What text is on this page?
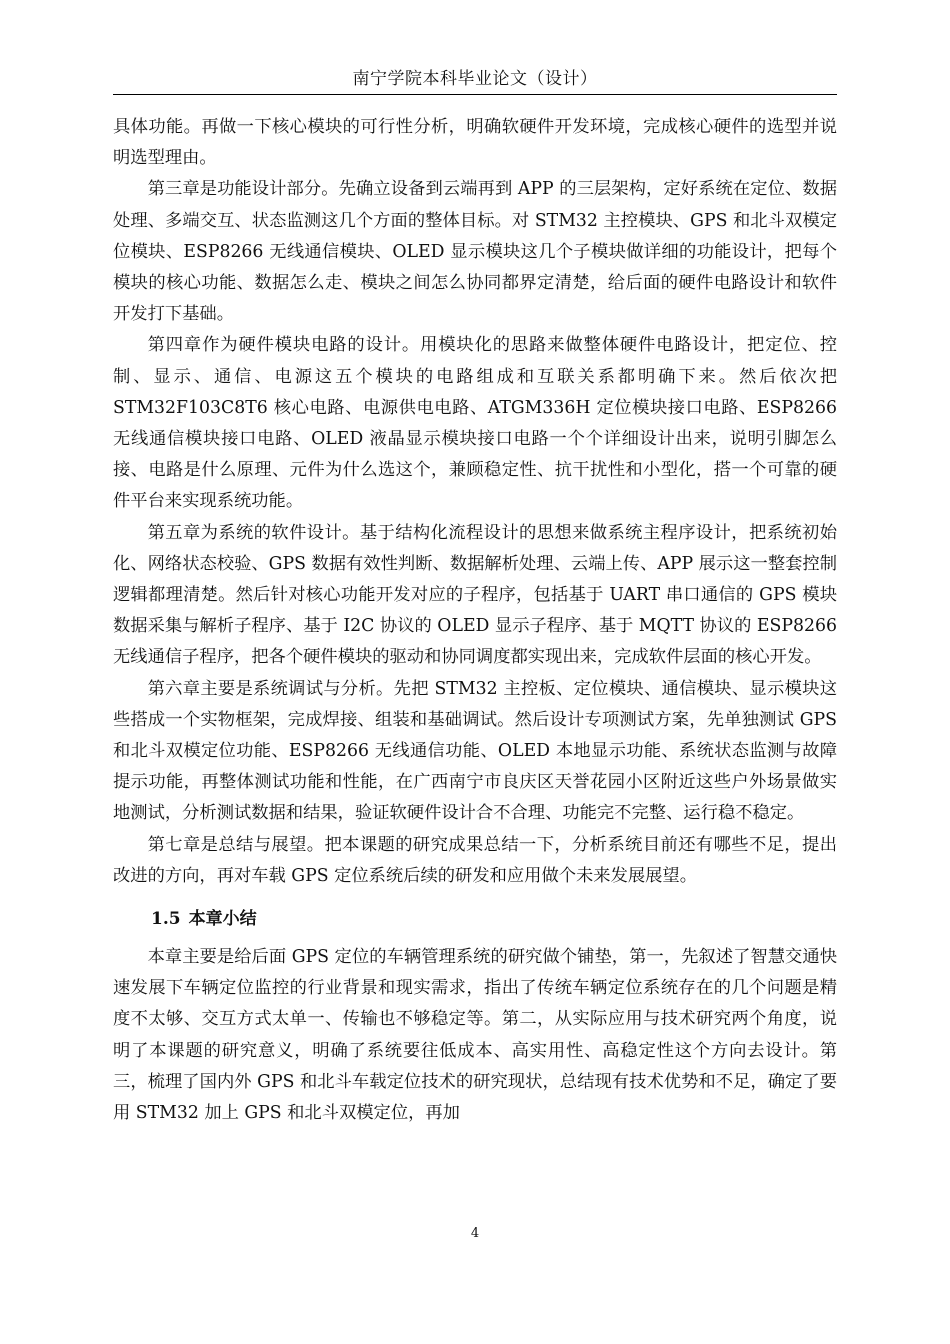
南宁学院本科毕业论文（设计）

具体功能。再做一下核心模块的可行性分析，明确软硬件开发环境，完成核心硬件的选型并说明选型理由。

第三章是功能设计部分。先确立设备到云端再到 APP 的三层架构，定好系统在定位、数据处理、多端交互、状态监测这几个方面的整体目标。对 STM32 主控模块、GPS 和北斗双模定位模块、ESP8266 无线通信模块、OLED 显示模块这几个子模块做详细的功能设计，把每个模块的核心功能、数据怎么走、模块之间怎么协同都界定清楚，给后面的硬件电路设计和软件开发打下基础。

第四章作为硬件模块电路的设计。用模块化的思路来做整体硬件电路设计，把定位、控制、显示、通信、电源这五个模块的电路组成和互联关系都明确下来。然后依次把 STM32F103C8T6 核心电路、电源供电电路、ATGM336H 定位模块接口电路、ESP8266 无线通信模块接口电路、OLED 液晶显示模块接口电路一个个详细设计出来，说明引脚怎么接、电路是什么原理、元件为什么选这个，兼顾稳定性、抗干扰性和小型化，搭一个可靠的硬件平台来实现系统功能。

第五章为系统的软件设计。基于结构化流程设计的思想来做系统主程序设计，把系统初始化、网络状态校验、GPS 数据有效性判断、数据解析处理、云端上传、APP 展示这一整套控制逻辑都理清楚。然后针对核心功能开发对应的子程序，包括基于 UART 串口通信的 GPS 模块数据采集与解析子程序、基于 I2C 协议的 OLED 显示子程序、基于 MQTT 协议的 ESP8266 无线通信子程序，把各个硬件模块的驱动和协同调度都实现出来，完成软件层面的核心开发。

第六章主要是系统调试与分析。先把 STM32 主控板、定位模块、通信模块、显示模块这些搭成一个实物框架，完成焊接、组装和基础调试。然后设计专项测试方案，先单独测试 GPS 和北斗双模定位功能、ESP8266 无线通信功能、OLED 本地显示功能、系统状态监测与故障提示功能，再整体测试功能和性能，在广西南宁市良庆区天誉花园小区附近这些户外场景做实地测试，分析测试数据和结果，验证软硬件设计合不合理、功能完不完整、运行稳不稳定。

第七章是总结与展望。把本课题的研究成果总结一下，分析系统目前还有哪些不足，提出改进的方向，再对车载 GPS 定位系统后续的研发和应用做个未来发展展望。

1.5 本章小结

本章主要是给后面 GPS 定位的车辆管理系统的研究做个铺垫，第一，先叙述了智慧交通快速发展下车辆定位监控的行业背景和现实需求，指出了传统车辆定位系统存在的几个问题是精度不太够、交互方式太单一、传输也不够稳定等。第二，从实际应用与技术研究两个角度，说明了本课题的研究意义，明确了系统要往低成本、高实用性、高稳定性这个方向去设计。第三，梳理了国内外 GPS 和北斗车载定位技术的研究现状，总结现有技术优势和不足，确定了要用 STM32 加上 GPS 和北斗双模定位，再加

4
